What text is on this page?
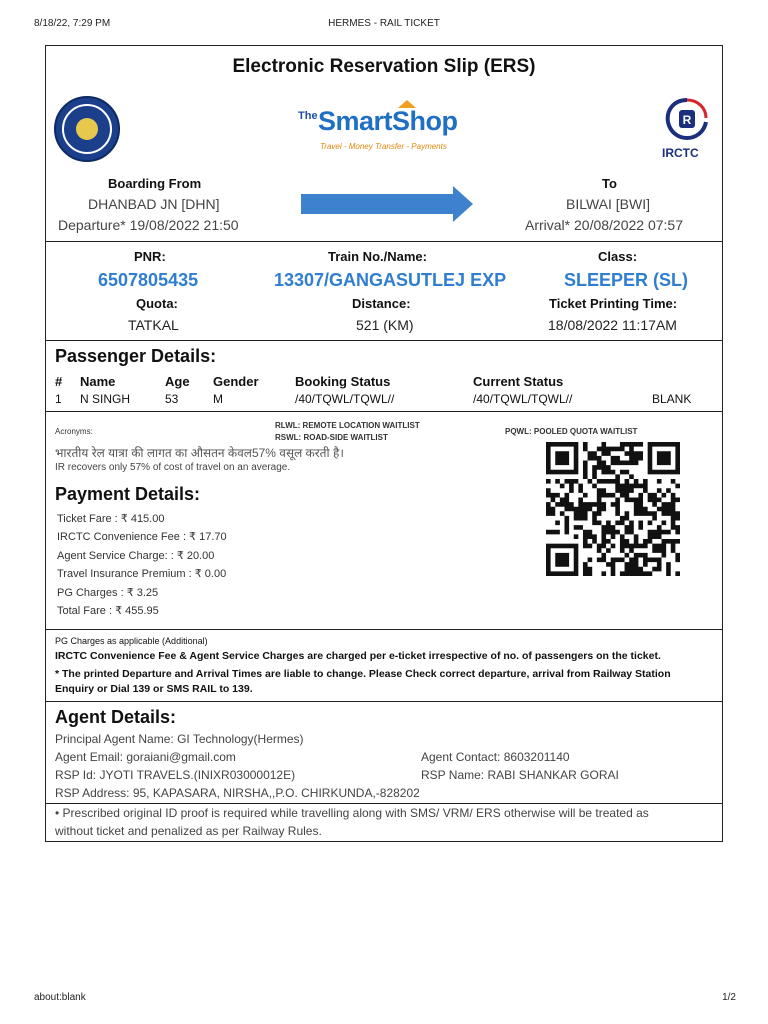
8/18/22, 7:29 PM	HERMES - RAIL TICKET
Electronic Reservation Slip (ERS)
The SmartShop
Travel - Money Transfer - Payments
R
IRCTC
Boarding From
DHANBAD JN [DHN]
Departure* 19/08/2022 21:50
To
BILWAI [BWI]
Arrival* 20/08/2022 07:57
PNR:
6507805435
Quota:
TATKAL
Train No./Name:
13307/GANGASUTLEJ EXP
Distance:
521 (KM)
Class:
SLEEPER (SL)
Ticket Printing Time:
18/08/2022 11:17AM
Passenger Details:
# Name	Age Gender	Booking Status	Current Status
1 N SINGH	53	M	/40/TQWL/TQWL//	/40/TQWL/TQWL//	BLANK
Acronyms:
RLWL: REMOTE LOCATION WAITLIST
RSWL: ROAD-SIDE WAITLIST
PQWL: POOLED QUOTA WAITLIST
भारतीय रेल यात्रा की लागत का औसतन केवल57% वसूल करती है।
IR recovers only 57% of cost of travel on an average.
Payment Details:
Ticket Fare : ₹ 415.00
IRCTC Convenience Fee : ₹ 17.70
Agent Service Charge: : ₹ 20.00
Travel Insurance Premium : ₹ 0.00
PG Charges : ₹ 3.25
Total Fare : ₹ 455.95
PG Charges as applicable (Additional)
IRCTC Convenience Fee & Agent Service Charges are charged per e-ticket irrespective of no. of passengers on the ticket.
* The printed Departure and Arrival Times are liable to change. Please Check correct departure, arrival from Railway Station
Enquiry or Dial 139 or SMS RAIL to 139.
Agent Details:
Principal Agent Name: GI Technology(Hermes)
Agent Email: goraiani@gmail.com	Agent Contact: 8603201140
RSP Id: JYOTI TRAVELS.(INIXR03000012E)	RSP Name: RABI SHANKAR GORAI
RSP Address: 95, KAPASARA, NIRSHA,,P.O. CHIRKUNDA,-828202
• Prescribed original ID proof is required while travelling along with SMS/ VRM/ ERS otherwise will be treated as
without ticket and penalized as per Railway Rules.
about:blank	1/2
